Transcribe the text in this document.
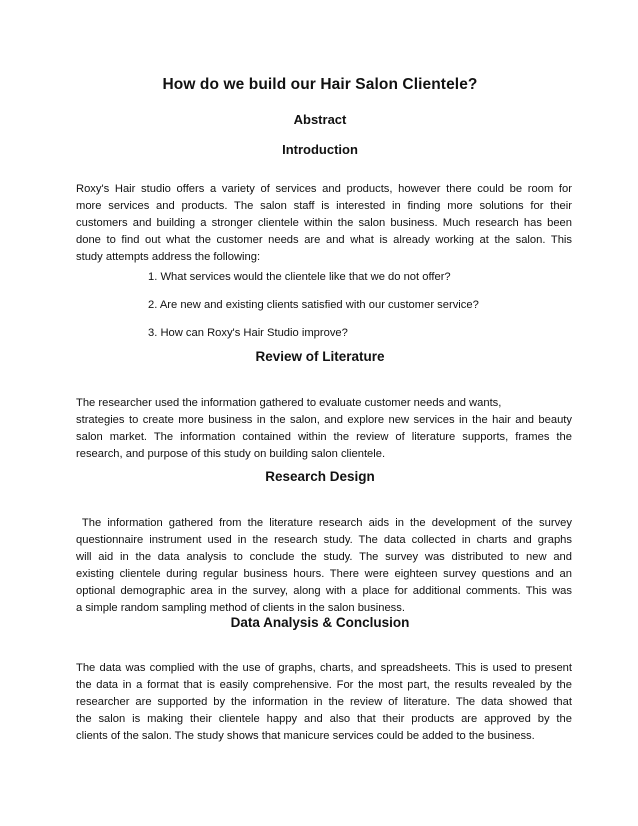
How do we build our Hair Salon Clientele?
Abstract
Introduction

Roxy's Hair studio offers a variety of services and products, however there could be room for
more services and products. The salon staff is interested in finding more solutions for their
customers and building a stronger clientele within the salon business. Much research has been
done to find out what the customer needs are and what is already working at the salon. This
study attempts address the following:

1. What services would the clientele like that we do not offer?
2. Are new and existing clients satisfied with our customer service?
3. How can Roxy's Hair Studio improve?
Review of Literature

The researcher used the information gathered to evaluate customer needs and wants,
strategies to create more business in the salon, and explore new services in the hair and beauty
salon market. The information contained within the review of literature supports, frames the
research, and purpose of this study on building salon clientele.

Research Design

The information gathered from the literature research aids in the development of the survey
questionnaire instrument used in the research study. The data collected in charts and graphs
will aid in the data analysis to conclude the study. The survey was distributed to new and
existing clientele during regular business hours. There were eighteen survey questions and an
optional demographic area in the survey, along with a place for additional comments. This was
a simple random sampling method of clients in the salon business.

Data Analysis & Conclusion

The data was complied with the use of graphs, charts, and spreadsheets. This is used to present
the data in a format that is easily comprehensive. For the most part, the results revealed by the
researcher are supported by the information in the review of literature. The data showed that
the salon is making their clientele happy and also that their products are approved by the
clients of the salon. The study shows that manicure services could be added to the business.
